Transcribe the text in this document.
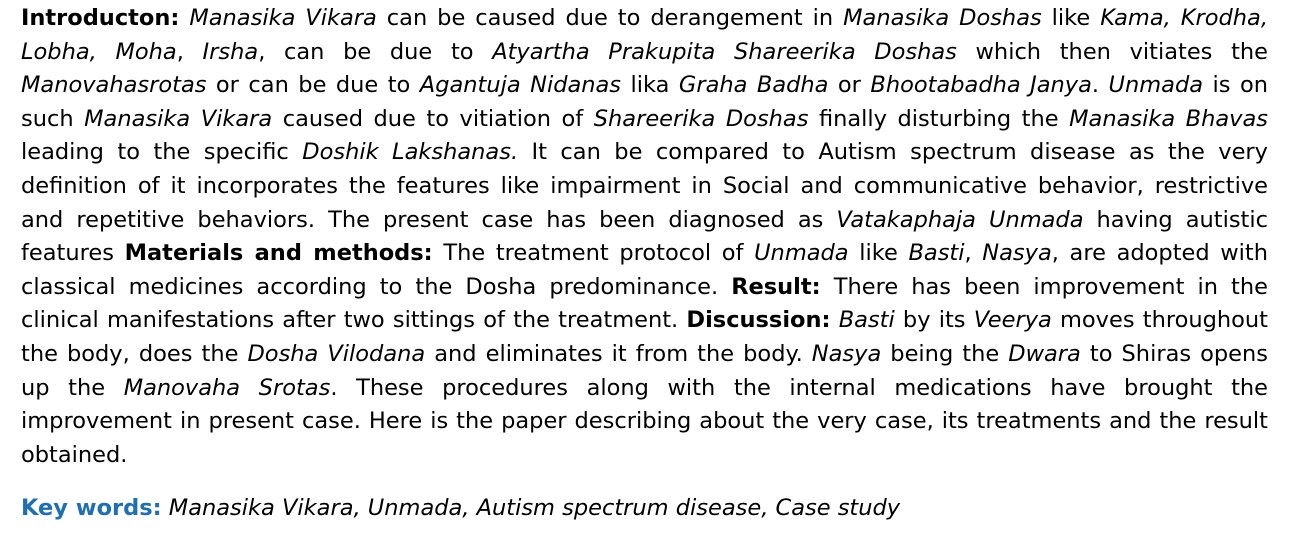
Introducton: Manasika Vikara can be caused due to derangement in Manasika Doshas like Kama, Krodha, Lobha, Moha, Irsha, can be due to Atyartha Prakupita Shareerika Doshas which then vitiates the Manovahasrotas or can be due to Agantuja Nidanas lika Graha Badha or Bhootabadha Janya. Unmada is on such Manasika Vikara caused due to vitiation of Shareerika Doshas finally disturbing the Manasika Bhavas leading to the specific Doshik Lakshanas. It can be compared to Autism spectrum disease as the very definition of it incorporates the features like impairment in Social and communicative behavior, restrictive and repetitive behaviors. The present case has been diagnosed as Vatakaphaja Unmada having autistic features Materials and methods: The treatment protocol of Unmada like Basti, Nasya, are adopted with classical medicines according to the Dosha predominance. Result: There has been improvement in the clinical manifestations after two sittings of the treatment. Discussion: Basti by its Veerya moves throughout the body, does the Dosha Vilodana and eliminates it from the body. Nasya being the Dwara to Shiras opens up the Manovaha Srotas. These procedures along with the internal medications have brought the improvement in present case. Here is the paper describing about the very case, its treatments and the result obtained.

Key words: Manasika Vikara, Unmada, Autism spectrum disease, Case study
